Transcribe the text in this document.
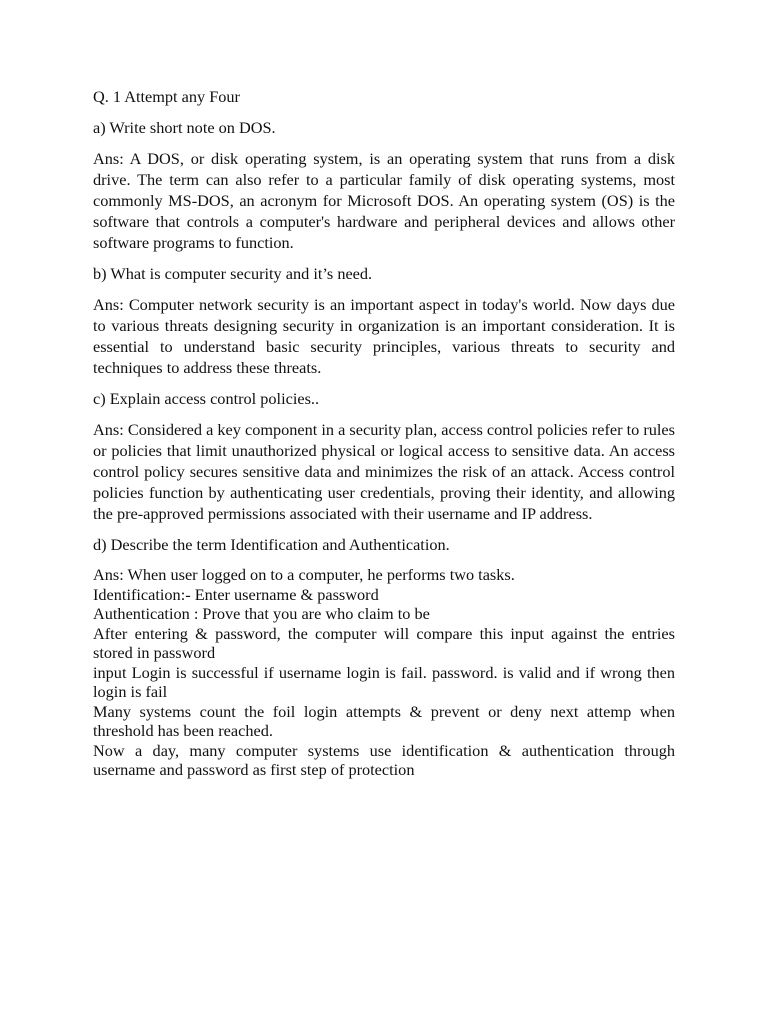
Q. 1 Attempt any Four

a) Write short note on DOS.

Ans: A DOS, or disk operating system, is an operating system that runs from a disk drive. The term can also refer to a particular family of disk operating systems, most commonly MS-DOS, an acronym for Microsoft DOS. An operating system (OS) is the software that controls a computer's hardware and peripheral devices and allows other software programs to function.

b) What is computer security and it’s need.

Ans: Computer network security is an important aspect in today's world. Now days due to various threats designing security in organization is an important consideration. It is essential to understand basic security principles, various threats to security and techniques to address these threats.

c) Explain access control policies..

Ans: Considered a key component in a security plan, access control policies refer to rules or policies that limit unauthorized physical or logical access to sensitive data. An access control policy secures sensitive data and minimizes the risk of an attack. Access control policies function by authenticating user credentials, proving their identity, and allowing the pre-approved permissions associated with their username and IP address.

d) Describe the term Identification and Authentication.

Ans: When user logged on to a computer, he performs two tasks.

Identification:- Enter username & password

Authentication : Prove that you are who claim to be

After entering & password, the computer will compare this input against the entries stored in password

input Login is successful if username login is fail. password. is valid and if wrong then login is fail

Many systems count the foil login attempts & prevent or deny next attemp when threshold has been reached.

Now a day, many computer systems use identification & authentication through username and password as first step of protection
